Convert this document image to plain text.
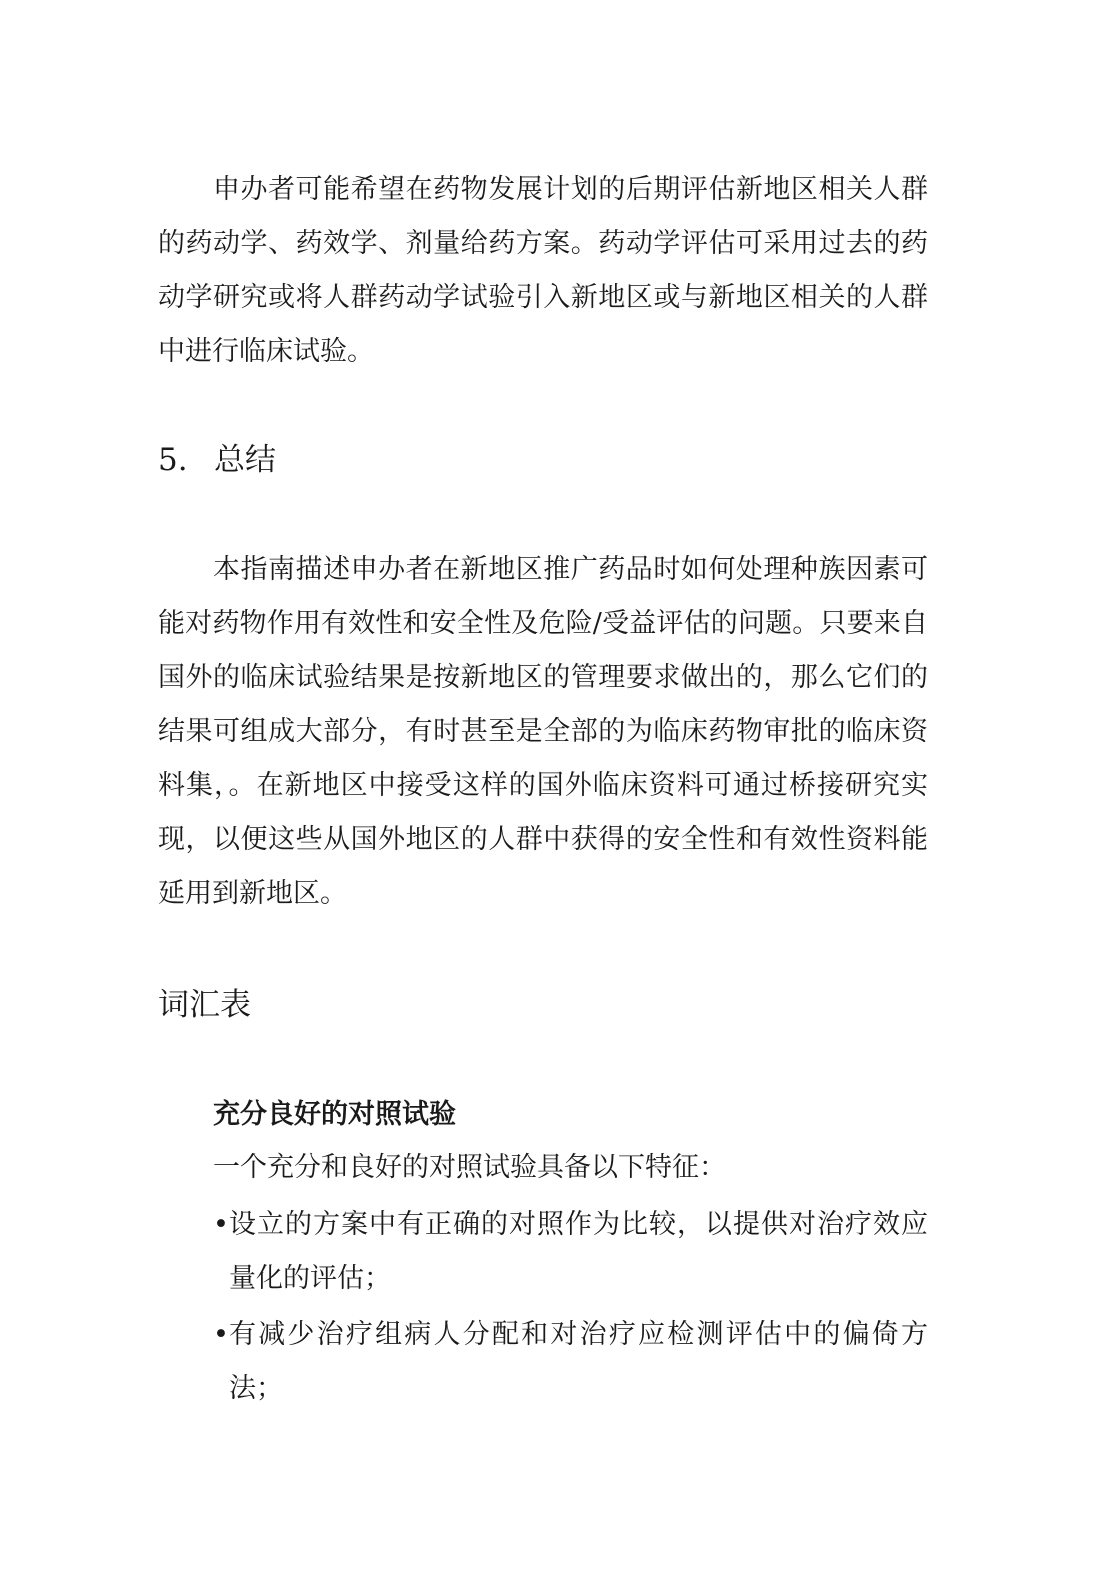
申办者可能希望在药物发展计划的后期评估新地区相关人群的药动学、药效学、剂量给药方案。药动学评估可采用过去的药动学研究或将人群药动学试验引入新地区或与新地区相关的人群中进行临床试验。

5. 总结

本指南描述申办者在新地区推广药品时如何处理种族因素可能对药物作用有效性和安全性及危险/受益评估的问题。只要来自国外的临床试验结果是按新地区的管理要求做出的，那么它们的结果可组成大部分，有时甚至是全部的为临床药物审批的临床资料集，。在新地区中接受这样的国外临床资料可通过桥接研究实现，以便这些从国外地区的人群中获得的安全性和有效性资料能延用到新地区。

词汇表

充分良好的对照试验

一个充分和良好的对照试验具备以下特征：

• 设立的方案中有正确的对照作为比较，以提供对治疗效应量化的评估；
• 有减少治疗组病人分配和对治疗应检测评估中的偏倚方法；
